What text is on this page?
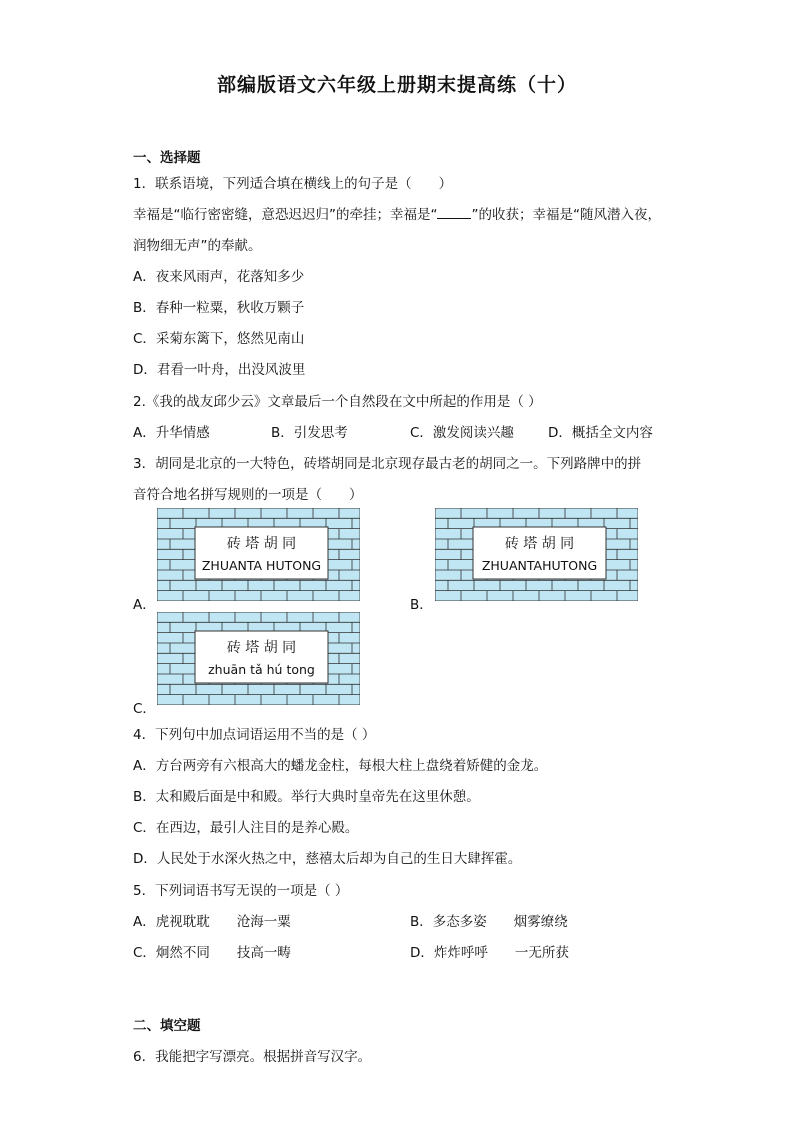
部编版语文六年级上册期末提高练（十）
一、选择题
1．联系语境，下列适合填在横线上的句子是（　　）
幸福是“临行密密缝，意恐迟迟归”的牵挂；幸福是“	”的收获；幸福是“随风潜入夜，
润物细无声”的奉献。
A．夜来风雨声，花落知多少
B．春种一粒粟，秋收万颗子
C．采菊东篱下，悠然见南山
D．君看一叶舟，出没风波里
2.《我的战友邱少云》文章最后一个自然段在文中所起的作用是（ ）
A．升华情感	B．引发思考	C．激发阅读兴趣	D．概括全文内容
3．胡同是北京的一大特色，砖塔胡同是北京现存最古老的胡同之一。下列路牌中的拼
音符合地名拼写规则的一项是（　　）
A．	B．
C．
砖 塔 胡 同
ZHUANTA HUTONG
砖 塔 胡 同
ZHUANTAHUTONG
砖 塔 胡 同
zhuān tǎ hú tong
4．下列句中加点词语运用不当的是（ ）
A．方台两旁有六根高大的蟠龙金柱，每根大柱上盘绕着矫健的金龙。
B．太和殿后面是中和殿。举行大典时皇帝先在这里休憩。
C．在西边，最引人注目的是养心殿。
D．人民处于水深火热之中，慈禧太后却为自己的生日大肆挥霍。
5．下列词语书写无误的一项是（ ）
A．虎视耽耽　　沧海一粟	B．多态多姿　　烟雾缭绕
C．炯然不同　　技高一畴	D．炸炸呼呼　　一无所获
二、填空题
6．我能把字写漂亮。根据拼音写汉字。
